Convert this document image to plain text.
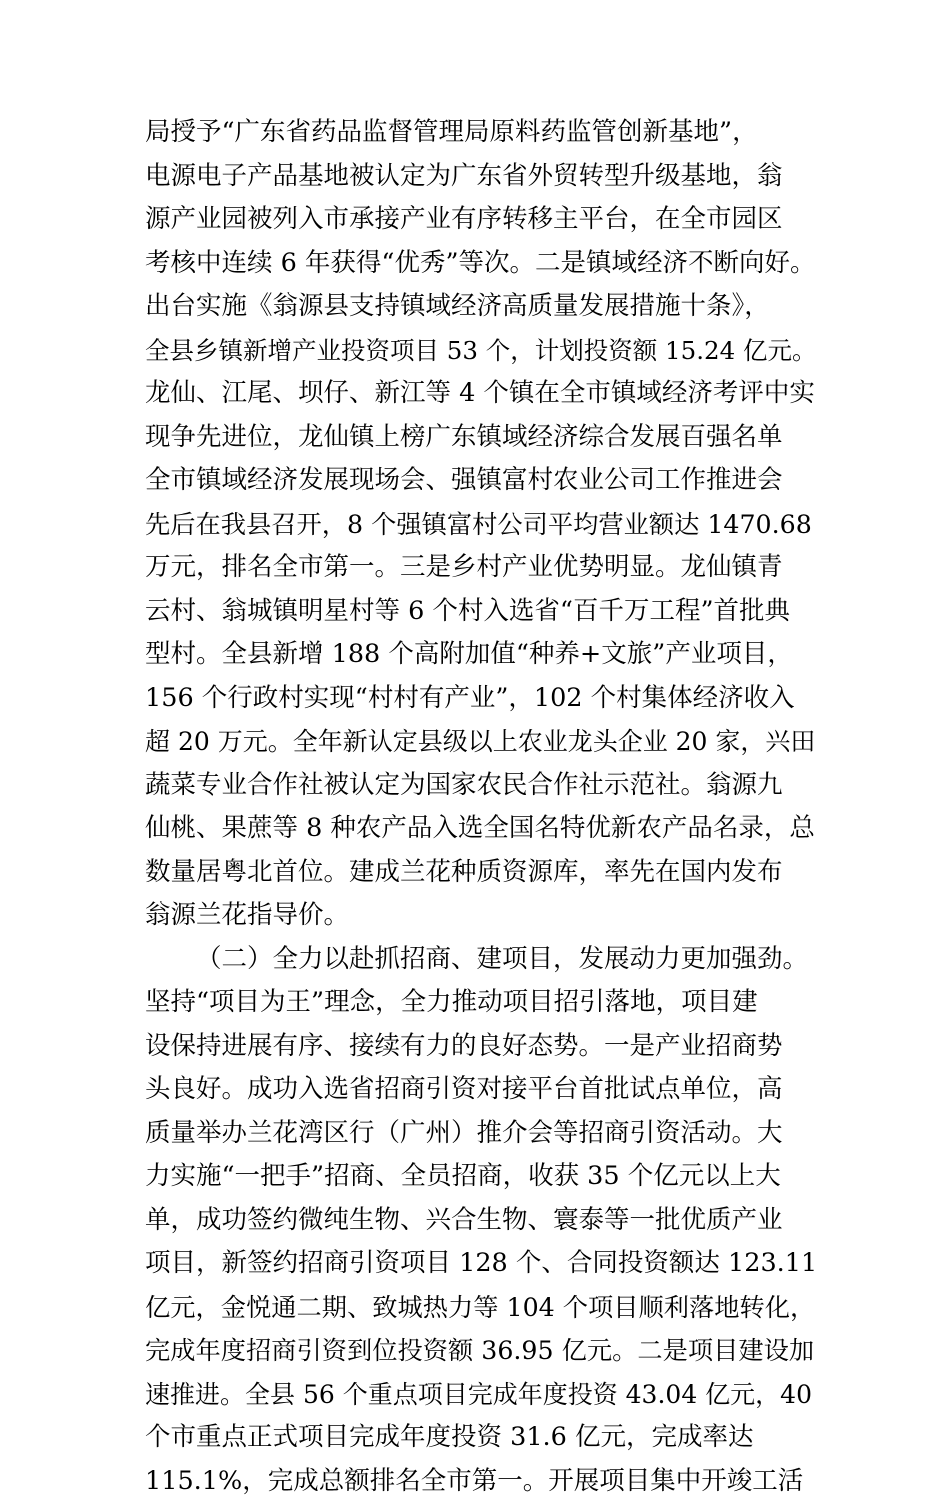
局授予“广东省药品监督管理局原料药监管创新基地”，
电源电子产品基地被认定为广东省外贸转型升级基地，翁
源产业园被列入市承接产业有序转移主平台，在全市园区
考核中连续 6 年获得“优秀”等次。二是镇域经济不断向好。
出台实施《翁源县支持镇域经济高质量发展措施十条》，
全县乡镇新增产业投资项目 53 个，计划投资额 15.24 亿元。
龙仙、江尾、坝仔、新江等 4 个镇在全市镇域经济考评中实
现争先进位，龙仙镇上榜广东镇域经济综合发展百强名单
全市镇域经济发展现场会、强镇富村农业公司工作推进会
先后在我县召开，8 个强镇富村公司平均营业额达 1470.68
万元，排名全市第一。三是乡村产业优势明显。龙仙镇青
云村、翁城镇明星村等 6 个村入选省“百千万工程”首批典
型村。全县新增 188 个高附加值“种养+文旅”产业项目，
156 个行政村实现“村村有产业”，102 个村集体经济收入
超 20 万元。全年新认定县级以上农业龙头企业 20 家，兴田
蔬菜专业合作社被认定为国家农民合作社示范社。翁源九
仙桃、果蔗等 8 种农产品入选全国名特优新农产品名录，总
数量居粤北首位。建成兰花种质资源库，率先在国内发布
翁源兰花指导价。
（二）全力以赴抓招商、建项目，发展动力更加强劲。
坚持“项目为王”理念，全力推动项目招引落地，项目建
设保持进展有序、接续有力的良好态势。一是产业招商势
头良好。成功入选省招商引资对接平台首批试点单位，高
质量举办兰花湾区行（广州）推介会等招商引资活动。大
力实施“一把手”招商、全员招商，收获 35 个亿元以上大
单，成功签约微纯生物、兴合生物、寰泰等一批优质产业
项目，新签约招商引资项目 128 个、合同投资额达 123.11
亿元，金悦通二期、致城热力等 104 个项目顺利落地转化，
完成年度招商引资到位投资额 36.95 亿元。二是项目建设加
速推进。全县 56 个重点项目完成年度投资 43.04 亿元，40
个市重点正式项目完成年度投资 31.6 亿元，完成率达
115.1%，完成总额排名全市第一。开展项目集中开竣工活
